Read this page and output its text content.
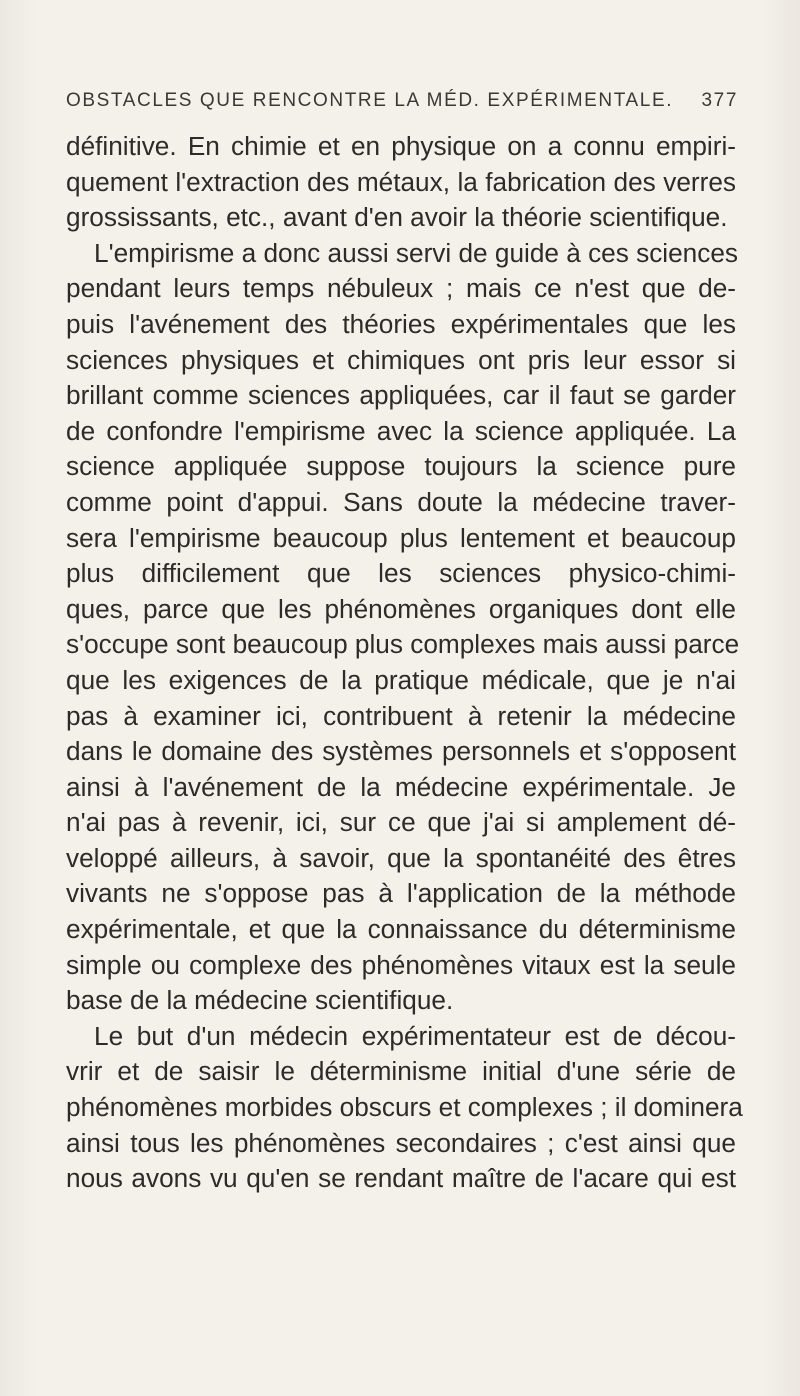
OBSTACLES QUE RENCONTRE LA MÉD. EXPÉRIMENTALE. 377
définitive. En chimie et en physique on a connu empiri-
quement l'extraction des métaux, la fabrication des verres
grossissants, etc., avant d'en avoir la théorie scientifique.
L'empirisme a donc aussi servi de guide à ces sciences
pendant leurs temps nébuleux ; mais ce n'est que de-
puis l'avénement des théories expérimentales que les
sciences physiques et chimiques ont pris leur essor si
brillant comme sciences appliquées, car il faut se garder
de confondre l'empirisme avec la science appliquée. La
science appliquée suppose toujours la science pure
comme point d'appui. Sans doute la médecine traver-
sera l'empirisme beaucoup plus lentement et beaucoup
plus difficilement que les sciences physico-chimi-
ques, parce que les phénomènes organiques dont elle
s'occupe sont beaucoup plus complexes mais aussi parce
que les exigences de la pratique médicale, que je n'ai
pas à examiner ici, contribuent à retenir la médecine
dans le domaine des systèmes personnels et s'opposent
ainsi à l'avénement de la médecine expérimentale. Je
n'ai pas à revenir, ici, sur ce que j'ai si amplement dé-
veloppé ailleurs, à savoir, que la spontanéité des êtres
vivants ne s'oppose pas à l'application de la méthode
expérimentale, et que la connaissance du déterminisme
simple ou complexe des phénomènes vitaux est la seule
base de la médecine scientifique.
Le but d'un médecin expérimentateur est de décou-
vrir et de saisir le déterminisme initial d'une série de
phénomènes morbides obscurs et complexes ; il dominera
ainsi tous les phénomènes secondaires ; c'est ainsi que
nous avons vu qu'en se rendant maître de l'acare qui est
